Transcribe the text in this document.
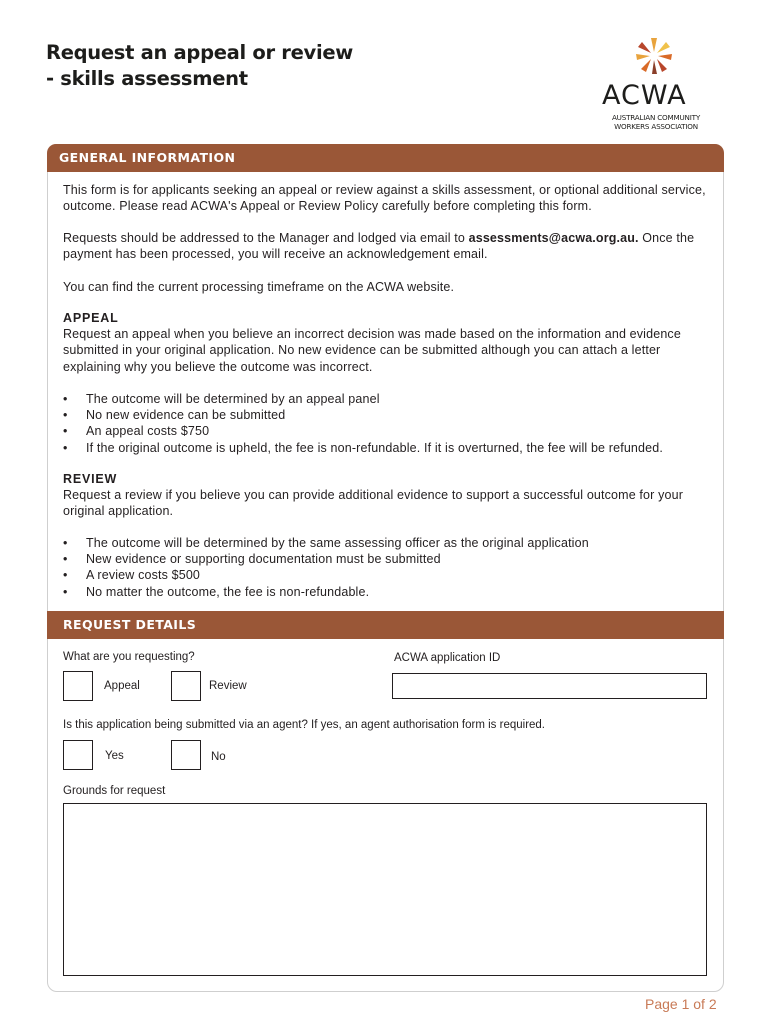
Request an appeal or review
- skills assessment
ACWA
AUSTRALIAN COMMUNITY
WORKERS ASSOCIATION
GENERAL INFORMATION

This form is for applicants seeking an appeal or review against a skills assessment, or optional additional service, outcome. Please read ACWA's Appeal or Review Policy carefully before completing this form.

Requests should be addressed to the Manager and lodged via email to assessments@acwa.org.au. Once the payment has been processed, you will receive an acknowledgement email.

You can find the current processing timeframe on the ACWA website.

APPEAL
Request an appeal when you believe an incorrect decision was made based on the information and evidence submitted in your original application. No new evidence can be submitted although you can attach a letter explaining why you believe the outcome was incorrect.
• The outcome will be determined by an appeal panel
• No new evidence can be submitted
• An appeal costs $750
• If the original outcome is upheld, the fee is non-refundable. If it is overturned, the fee will be refunded.
REVIEW
Request a review if you believe you can provide additional evidence to support a successful outcome for your original application.
• The outcome will be determined by the same assessing officer as the original application
• New evidence or supporting documentation must be submitted
• A review costs $500
• No matter the outcome, the fee is non-refundable.
REQUEST DETAILS
What are you requesting?	ACWA application ID
Appeal	Review
Is this application being submitted via an agent? If yes, an agent authorisation form is required.
Yes	No
Grounds for request
Page 1 of 2
